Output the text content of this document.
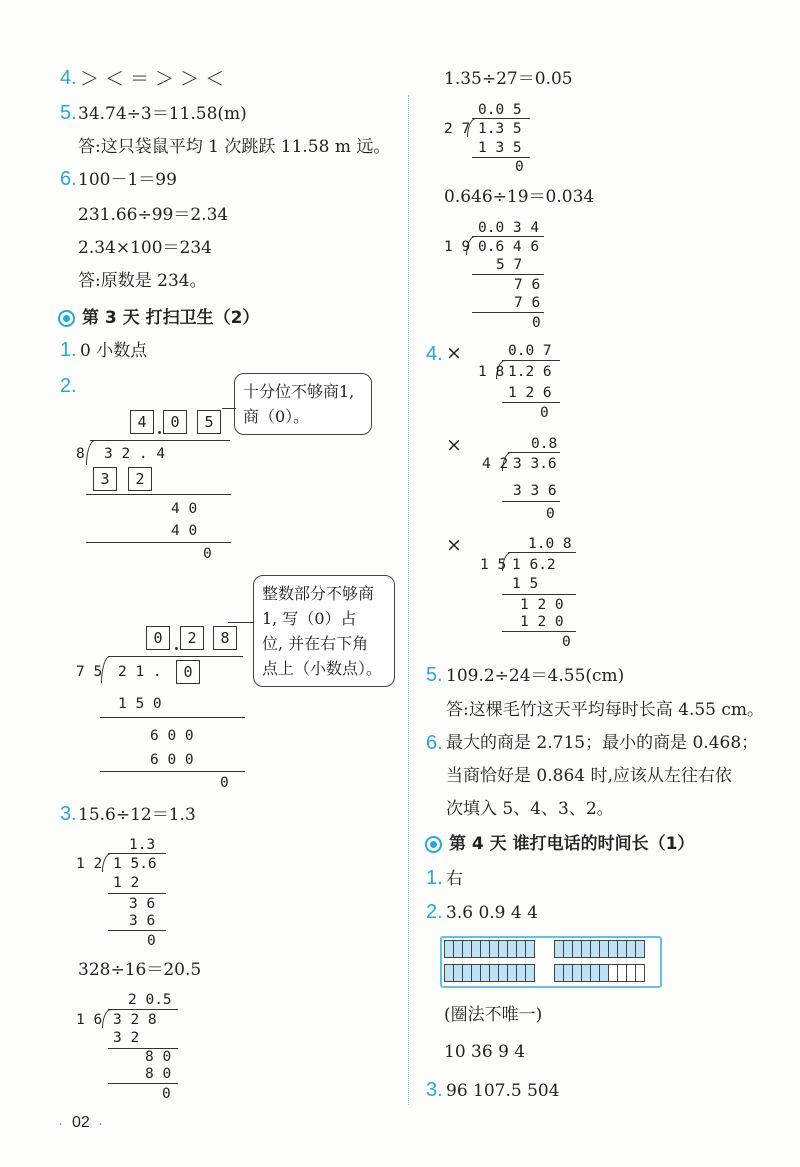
4. ＞ ＜ ＝ ＞ ＞ ＜
5. 34.74÷3＝11.58(m)
答:这只袋鼠平均 1 次跳跃 11.58 m 远。
6. 100－1＝99
231.66÷99＝2.34
2.34×100＝234
答:原数是 234。
第 3 天 打扫卫生（2）
1. 0 小数点
2.	十分位不够商1,
商（0）。
4	0	5
8 3 2 . 4
3	2
4 0
4 0
0
整数部分不够商
1, 写（0）占
位, 并在右下角
点上（小数点）。
0	2	8
7 5 2 1 .	0
1 5 0
6 0 0
6 0 0
0
3. 15.6÷12＝1.3
1.3
1 2 1 5.6
1 2
3 6
3 6
0
328÷16＝20.5
2 0.5
1 6 3 2 8
3 2
8 0
8 0
0
· 02 ·
1.35÷27＝0.05
0.0 5
2 7 1.3 5
1 3 5
0
0.646÷19＝0.034
0.0 3 4
1 9 0.6 4 6
5 7
7 6
7 6
0
4. ×	0.0 7
1 8 1.2 6
1 2 6
0
×	0.8
4 2 3 3.6
3 3 6
0
×	1.0 8
1 5 1 6.2
1 5
1 2 0
1 2 0
0
5. 109.2÷24＝4.55(cm)
答:这棵毛竹这天平均每时长高 4.55 cm。
6. 最大的商是 2.715；最小的商是 0.468；
当商恰好是 0.864 时,应该从左往右依
次填入 5、4、3、2。
第 4 天 谁打电话的时间长（1）
1. 右
2. 3.6 0.9 4 4
(圈法不唯一)
10 36 9 4
3. 96 107.5 504
